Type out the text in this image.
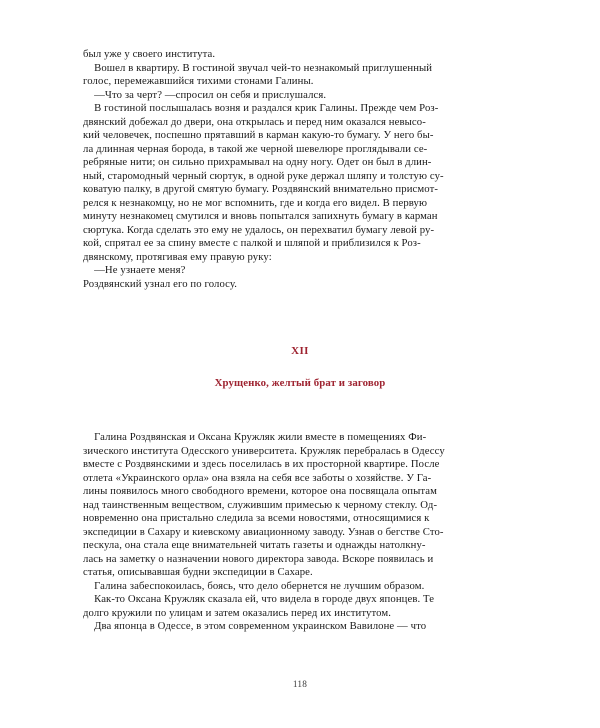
был уже у своего института.
Вошел в квартиру. В гостиной звучал чей-то незнакомый приглушенный
голос, перемежавшийся тихими стонами Галины.
—Что за черт? —спросил он себя и прислушался.
В гостиной послышалась возня и раздался крик Галины. Прежде чем Роз-
двянский добежал до двери, она открылась и перед ним оказался невысо-
кий человечек, поспешно прятавший в карман какую-то бумагу. У него бы-
ла длинная черная борода, в такой же черной шевелюре проглядывали се-
ребряные нити; он сильно прихрамывал на одну ногу. Одет он был в длин-
ный, старомодный черный сюртук, в одной руке держал шляпу и толстую су-
коватую палку, в другой смятую бумагу. Роздвянский внимательно присмот-
релся к незнакомцу, но не мог вспомнить, где и когда его видел. В первую
минуту незнакомец смутился и вновь попытался запихнуть бумагу в карман
сюртука. Когда сделать это ему не удалось, он перехватил бумагу левой ру-
кой, спрятал ее за спину вместе с палкой и шляпой и приблизился к Роз-
двянскому, протягивая ему правую руку:
—Не узнаете меня?
Роздвянский узнал его по голосу.
XII
Хрущенко, желтый брат и заговор
Галина Роздвянская и Оксана Кружляк жили вместе в помещениях Фи-
зического института Одесского университета. Кружляк перебралась в Одессу
вместе с Роздвянскими и здесь поселилась в их просторной квартире. После
отлета «Украинского орла» она взяла на себя все заботы о хозяйстве. У Га-
лины появилось много свободного времени, которое она посвящала опытам
над таинственным веществом, служившим примесью к черному стеклу. Од-
новременно она пристально следила за всеми новостями, относящимися к
экспедиции в Сахару и киевскому авиационному заводу. Узнав о бегстве Сто-
пескула, она стала еще внимательней читать газеты и однажды натолкну-
лась на заметку о назначении нового директора завода. Вскоре появилась и
статья, описывавшая будни экспедиции в Сахаре.
Галина забеспокоилась, боясь, что дело обернется не лучшим образом.
Как-то Оксана Кружляк сказала ей, что видела в городе двух японцев. Те
долго кружили по улицам и затем оказались перед их институтом.
Два японца в Одессе, в этом современном украинском Вавилоне — что
118
